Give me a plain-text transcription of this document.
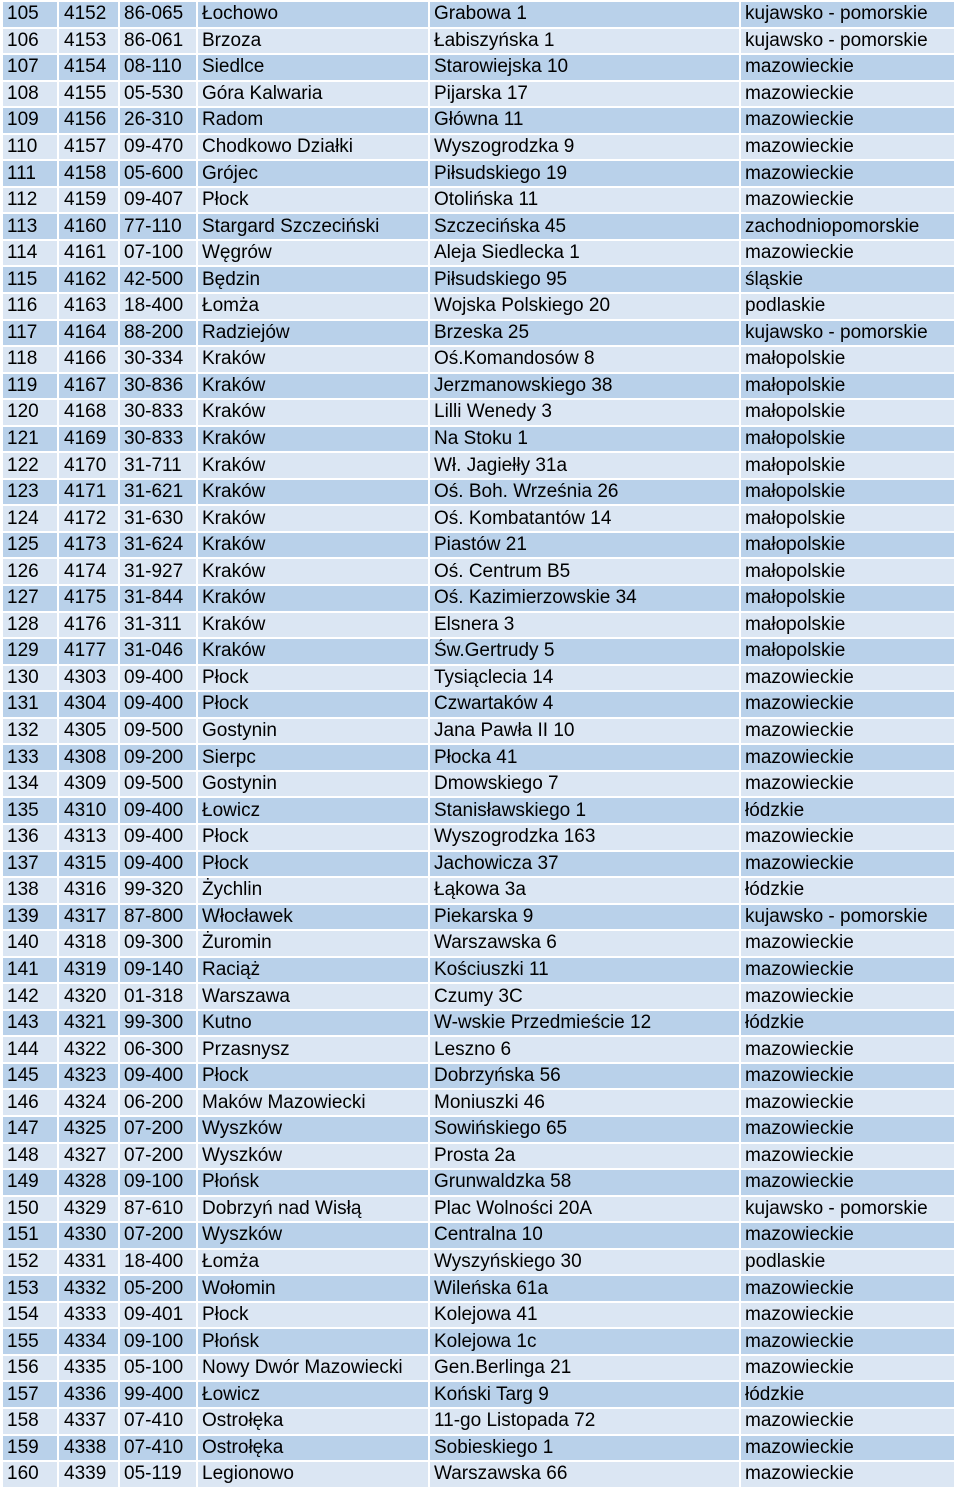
105	4152	86-065	Łochowo	Grabowa 1	kujawsko - pomorskie
106	4153	86-061	Brzoza	Łabiszyńska 1	kujawsko - pomorskie
107	4154	08-110	Siedlce	Starowiejska 10	mazowieckie
108	4155	05-530	Góra Kalwaria	Pijarska 17	mazowieckie
109	4156	26-310	Radom	Główna 11	mazowieckie
110	4157	09-470	Chodkowo Działki	Wyszogrodzka 9	mazowieckie
111	4158	05-600	Grójec	Piłsudskiego 19	mazowieckie
112	4159	09-407	Płock	Otolińska 11	mazowieckie
113	4160	77-110	Stargard Szczeciński	Szczecińska 45	zachodniopomorskie
114	4161	07-100	Węgrów	Aleja Siedlecka 1	mazowieckie
115	4162	42-500	Będzin	Piłsudskiego 95	śląskie
116	4163	18-400	Łomża	Wojska Polskiego 20	podlaskie
117	4164	88-200	Radziejów	Brzeska 25	kujawsko - pomorskie
118	4166	30-334	Kraków	Oś.Komandosów 8	małopolskie
119	4167	30-836	Kraków	Jerzmanowskiego 38	małopolskie
120	4168	30-833	Kraków	Lilli Wenedy 3	małopolskie
121	4169	30-833	Kraków	Na Stoku 1	małopolskie
122	4170	31-711	Kraków	Wł. Jagiełły 31a	małopolskie
123	4171	31-621	Kraków	Oś. Boh. Września 26	małopolskie
124	4172	31-630	Kraków	Oś. Kombatantów 14	małopolskie
125	4173	31-624	Kraków	Piastów 21	małopolskie
126	4174	31-927	Kraków	Oś. Centrum B5	małopolskie
127	4175	31-844	Kraków	Oś. Kazimierzowskie 34	małopolskie
128	4176	31-311	Kraków	Elsnera 3	małopolskie
129	4177	31-046	Kraków	Św.Gertrudy 5	małopolskie
130	4303	09-400	Płock	Tysiąclecia 14	mazowieckie
131	4304	09-400	Płock	Czwartaków 4	mazowieckie
132	4305	09-500	Gostynin	Jana Pawła II 10	mazowieckie
133	4308	09-200	Sierpc	Płocka 41	mazowieckie
134	4309	09-500	Gostynin	Dmowskiego 7	mazowieckie
135	4310	09-400	Łowicz	Stanisławskiego 1	łódzkie
136	4313	09-400	Płock	Wyszogrodzka 163	mazowieckie
137	4315	09-400	Płock	Jachowicza 37	mazowieckie
138	4316	99-320	Żychlin	Łąkowa 3a	łódzkie
139	4317	87-800	Włocławek	Piekarska 9	kujawsko - pomorskie
140	4318	09-300	Żuromin	Warszawska 6	mazowieckie
141	4319	09-140	Raciąż	Kościuszki 11	mazowieckie
142	4320	01-318	Warszawa	Czumy 3C	mazowieckie
143	4321	99-300	Kutno	W-wskie Przedmieście 12	łódzkie
144	4322	06-300	Przasnysz	Leszno 6	mazowieckie
145	4323	09-400	Płock	Dobrzyńska 56	mazowieckie
146	4324	06-200	Maków Mazowiecki	Moniuszki 46	mazowieckie
147	4325	07-200	Wyszków	Sowińskiego 65	mazowieckie
148	4327	07-200	Wyszków	Prosta 2a	mazowieckie
149	4328	09-100	Płońsk	Grunwaldzka 58	mazowieckie
150	4329	87-610	Dobrzyń nad Wisłą	Plac Wolności 20A	kujawsko - pomorskie
151	4330	07-200	Wyszków	Centralna 10	mazowieckie
152	4331	18-400	Łomża	Wyszyńskiego 30	podlaskie
153	4332	05-200	Wołomin	Wileńska 61a	mazowieckie
154	4333	09-401	Płock	Kolejowa 41	mazowieckie
155	4334	09-100	Płońsk	Kolejowa 1c	mazowieckie
156	4335	05-100	Nowy Dwór Mazowiecki	Gen.Berlinga 21	mazowieckie
157	4336	99-400	Łowicz	Koński Targ 9	łódzkie
158	4337	07-410	Ostrołęka	11-go Listopada 72	mazowieckie
159	4338	07-410	Ostrołęka	Sobieskiego 1	mazowieckie
160	4339	05-119	Legionowo	Warszawska 66	mazowieckie
